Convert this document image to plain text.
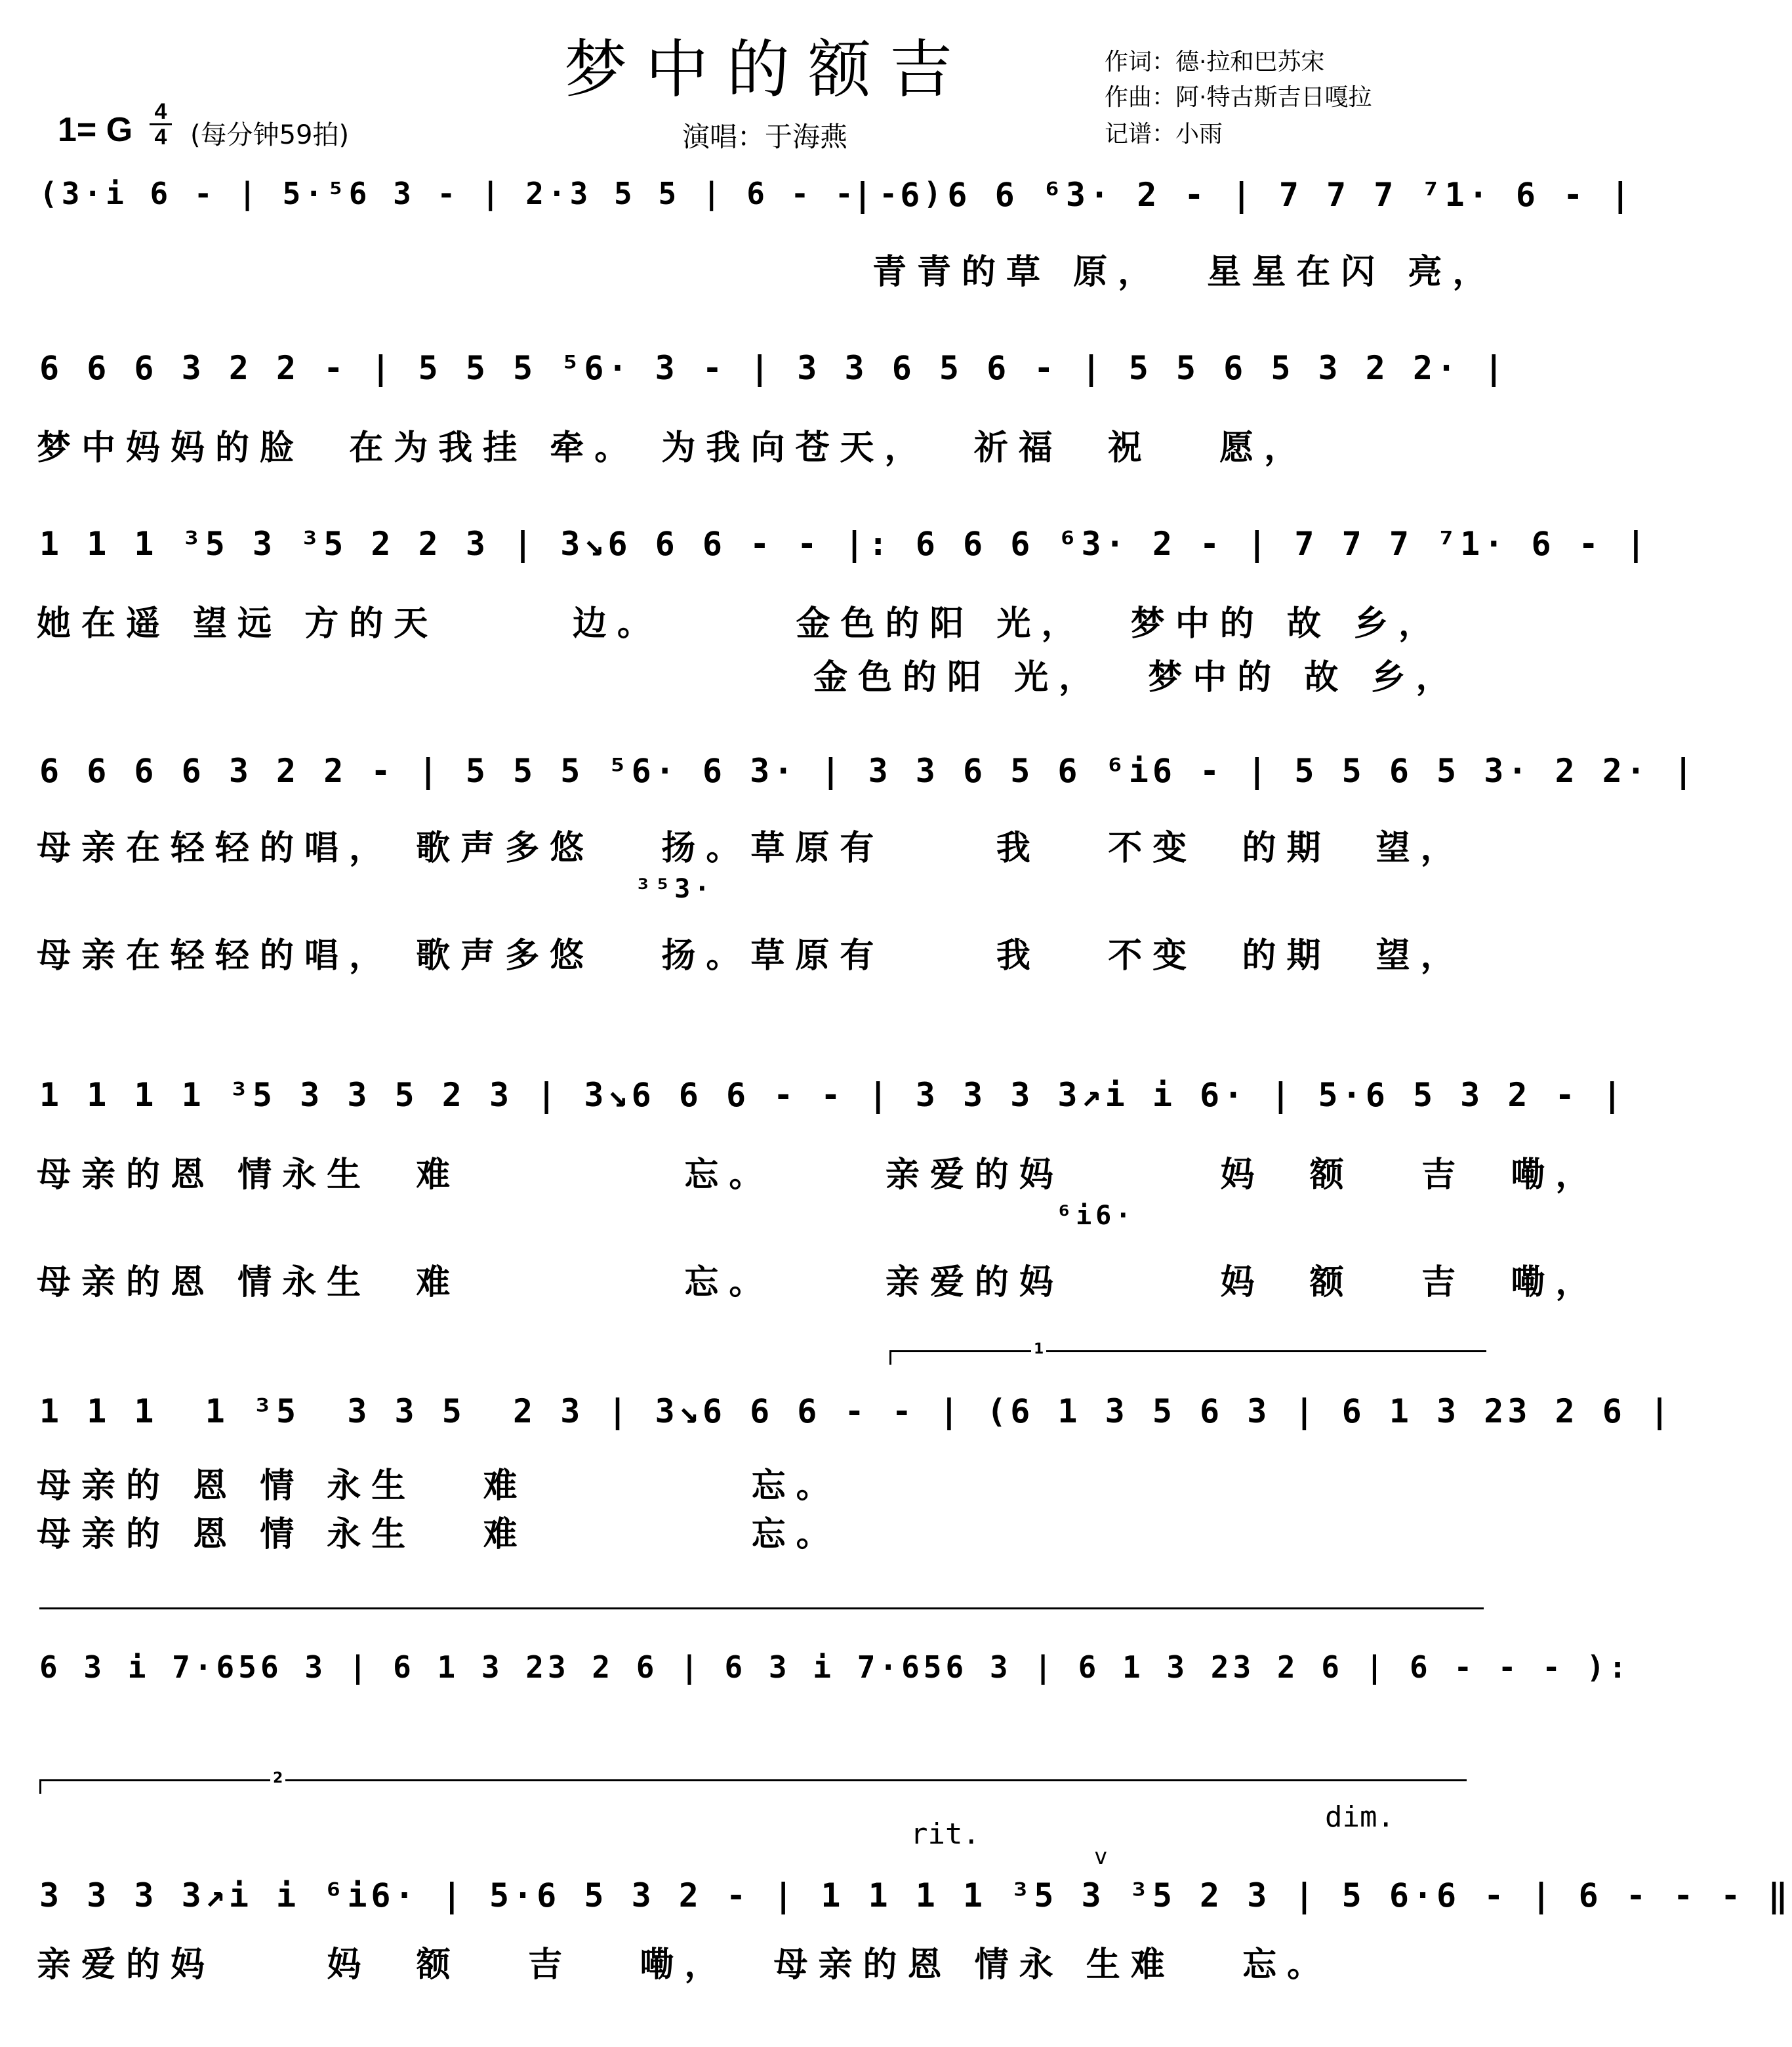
梦中的额吉	作词：德·拉和巴苏宋
作曲：阿·特古斯吉日嘎拉
记谱：小雨
1= G 4
4 (每分钟59拍)	演唱：于海燕
(3·i 6 - | 5·⁵6 3 - | 2·3 5 5 | 6 - - - )
| 6 6 6 ⁶3· 2 - | 7 7 7 ⁷1· 6 - |
青青的草 原，  星星在闪 亮，
6 6 6 3 2 2 - | 5 5 5 ⁵6· 3 - | 3 3 6 5 6 - | 5 5 6 5 3 2 2· |
梦中妈妈的脸  在为我挂 牵。 为我向苍天，  祈福  祝   愿，
1 1 1 ³5 3 ³5 2 2 3 | 3↘6 6 6 - - |: 6 6 6 ⁶3· 2 - | 7 7 7 ⁷1· 6 - |
她在遥 望远 方的天      边。      金色的阳 光，  梦中的 故 乡，
金色的阳 光，  梦中的 故 乡，
6 6 6 6 3 2 2 - | 5 5 5 ⁵6· 6 3· | 3 3 6 5 6 ⁶i6 - | 5 5 6 5 3· 2 2· |
母亲在轻轻的唱， 歌声多悠   扬。草原有     我   不变  的期  望，
³⁵3·
母亲在轻轻的唱， 歌声多悠   扬。草原有     我   不变  的期  望，
1 1 1 1 ³5 3 3 5 2 3 | 3↘6 6 6 - - | 3 3 3 3↗i i 6· | 5·6 5 3 2 - |
母亲的恩 情永生  难          忘。     亲爱的妈       妈  额   吉  嘞，
⁶i6·
母亲的恩 情永生  难          忘。     亲爱的妈       妈  额   吉  嘞，
1
1 1 1  1 ³5  3 3 5  2 3 | 3↘6 6 6 - - | (6 1 3 5 6 3 | 6 1 3 23 2 6 |
母亲的 恩 情 永生   难          忘。
母亲的 恩 情 永生   难          忘。
6 3 i 7·656 3 | 6 1 3 23 2 6 | 6 3 i 7·656 3 | 6 1 3 23 2 6 | 6 - - - ):
2
rit.
dim.
v
3 3 3 3↗i i ⁶i6· | 5·6 5 3 2 - | 1 1 1 1 ³5 3 ³5 2 3 | 5 6·6 - | 6 - - - ‖
亲爱的妈     妈  额   吉   嘞，  母亲的恩 情永 生难   忘。
